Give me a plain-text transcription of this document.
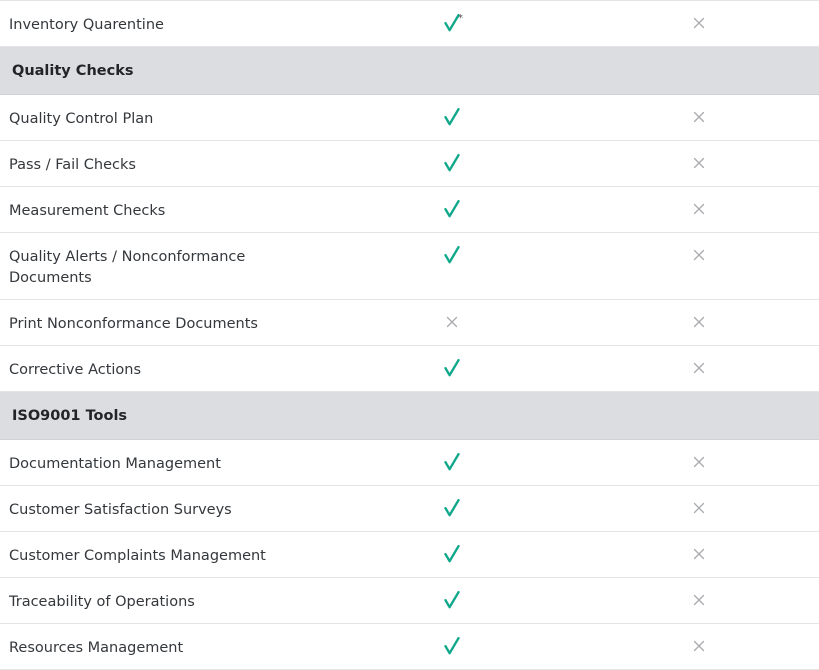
Inventory Quarentine	*
Quality Checks
Quality Control Plan
Pass / Fail Checks
Measurement Checks
Quality Alerts / Nonconformance Documents
Print Nonconformance Documents
Corrective Actions
ISO9001 Tools
Documentation Management
Customer Satisfaction Surveys
Customer Complaints Management
Traceability of Operations
Resources Management
